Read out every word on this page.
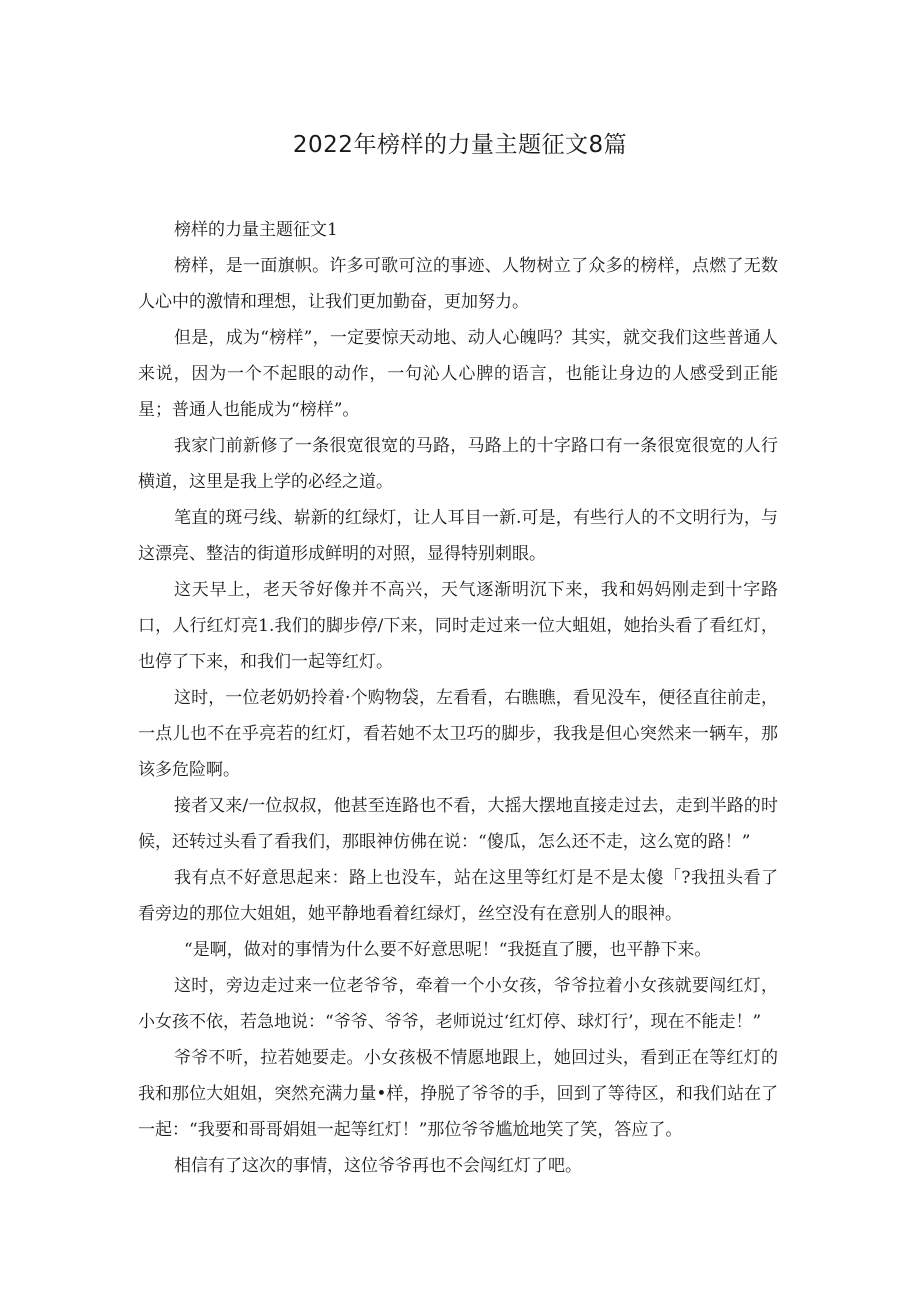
2022年榜样的力量主题征文8篇

榜样的力量主题征文1

榜样，是一面旗帜。许多可歌可泣的事迹、人物树立了众多的榜样，点燃了无数人心中的激情和理想，让我们更加勤奋，更加努力。

但是，成为“榜样”，一定要惊天动地、动人心魄吗？其实，就交我们这些普通人来说，因为一个不起眼的动作，一句沁人心脾的语言，也能让身边的人感受到正能星；普通人也能成为“榜样”。

我家门前新修了一条很宽很宽的马路，马路上的十字路口有一条很宽很宽的人行横道，这里是我上学的必经之道。

笔直的斑弓线、崭新的红绿灯，让人耳目一新.可是，有些行人的不文明行为，与这漂亮、整洁的街道形成鲜明的对照，显得特别刺眼。

这天早上，老天爷好像并不高兴，天气逐渐明沉下来，我和妈妈刚走到十字路口，人行红灯亮1.我们的脚步停/下来，同时走过来一位大蛆姐，她抬头看了看红灯，也停了下来，和我们一起等红灯。

这时，一位老奶奶拎着·个购物袋，左看看，右瞧瞧，看见没车，便径直往前走，一点儿也不在乎亮若的红灯，看若她不太卫巧的脚步，我我是但心突然来一辆车，那该多危险啊。

接者又来/一位叔叔，他甚至连路也不看，大摇大摆地直接走过去，走到半路的时候，还转过头看了看我们，那眼神仿佛在说：“傻瓜，怎么还不走，这么宽的路！”

我有点不好意思起来：路上也没车，站在这里等红灯是不是太傻「?我扭头看了看旁边的那位大姐姐，她平静地看着红绿灯，丝空没有在意别人的眼神。

“是啊，做对的事情为什么要不好意思呢！“我挺直了腰，也平静下来。

这时，旁边走过来一位老爷爷，牵着一个小女孩，爷爷拉着小女孩就要闯红灯，小女孩不依，若急地说：“爷爷、爷爷，老师说过‘红灯停、球灯行’，现在不能走！”

爷爷不听，拉若她要走。小女孩极不情愿地跟上，她回过头，看到正在等红灯的我和那位大姐姐，突然充满力量•样，挣脱了爷爷的手，回到了等待区，和我们站在了一起：“我要和哥哥娟姐一起等红灯！”那位爷爷尴尬地笑了笑，答应了。

相信有了这次的事情，这位爷爷再也不会闯红灯了吧。
